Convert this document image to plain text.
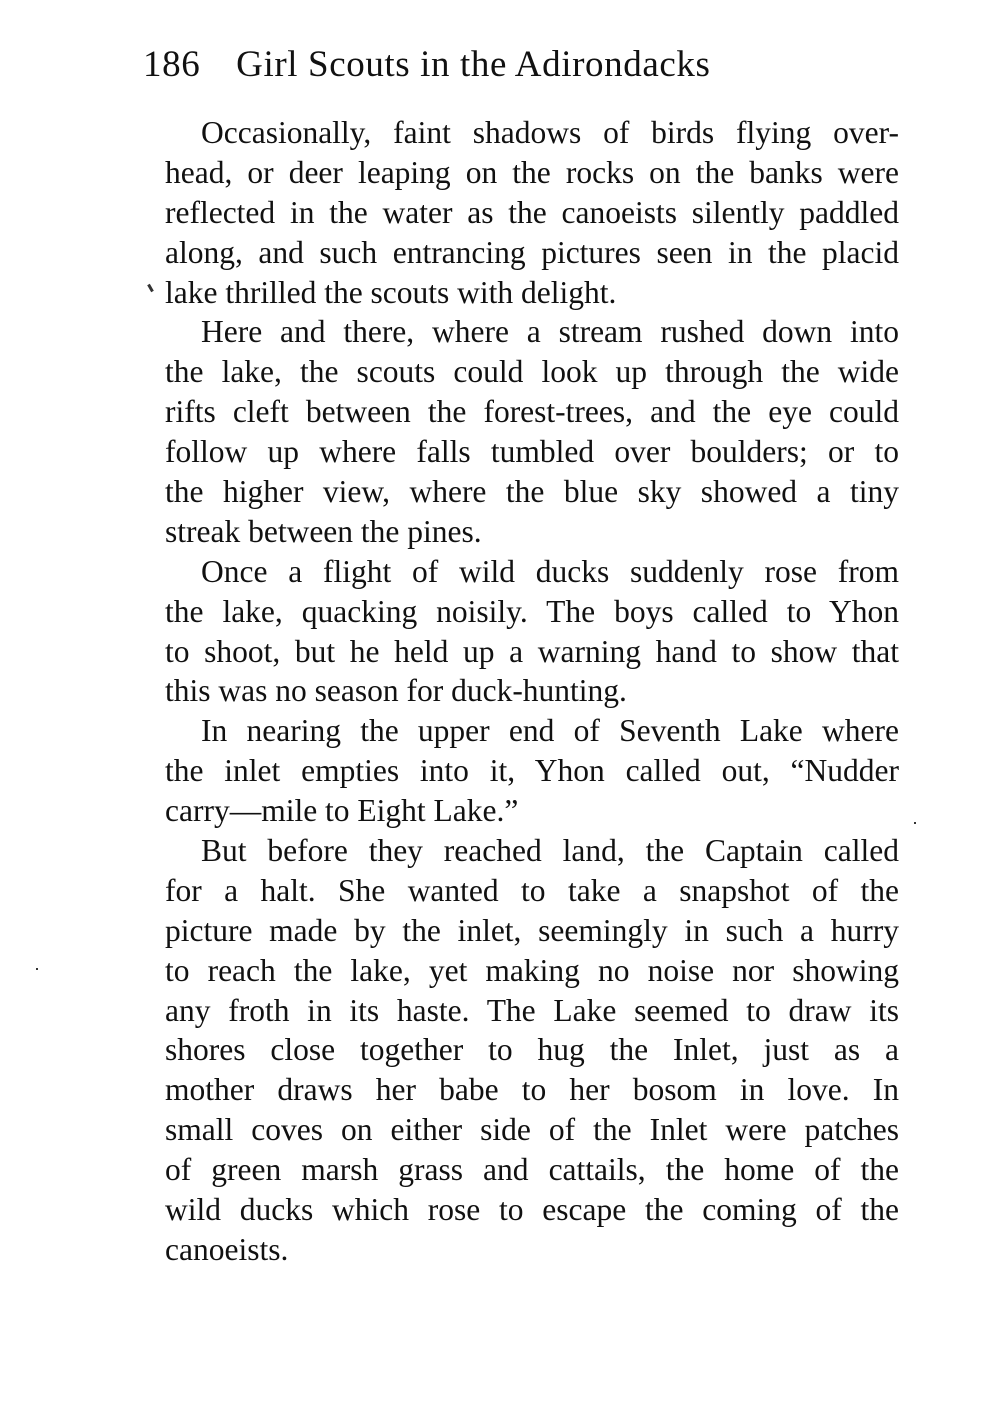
186 Girl Scouts in the Adirondacks
Occasionally, faint shadows of birds flying over-
head, or deer leaping on the rocks on the banks were
reflected in the water as the canoeists silently paddled
along, and such entrancing pictures seen in the placid
lake thrilled the scouts with delight.
Here and there, where a stream rushed down into
the lake, the scouts could look up through the wide
rifts cleft between the forest-trees, and the eye could
follow up where falls tumbled over boulders; or to
the higher view, where the blue sky showed a tiny
streak between the pines.
Once a flight of wild ducks suddenly rose from
the lake, quacking noisily. The boys called to Yhon
to shoot, but he held up a warning hand to show that
this was no season for duck-hunting.
In nearing the upper end of Seventh Lake where
the inlet empties into it, Yhon called out, “Nudder
carry—mile to Eight Lake.”
But before they reached land, the Captain called
for a halt. She wanted to take a snapshot of the
picture made by the inlet, seemingly in such a hurry
to reach the lake, yet making no noise nor showing
any froth in its haste. The Lake seemed to draw its
shores close together to hug the Inlet, just as a
mother draws her babe to her bosom in love. In
small coves on either side of the Inlet were patches
of green marsh grass and cattails, the home of the
wild ducks which rose to escape the coming of the
canoeists.
